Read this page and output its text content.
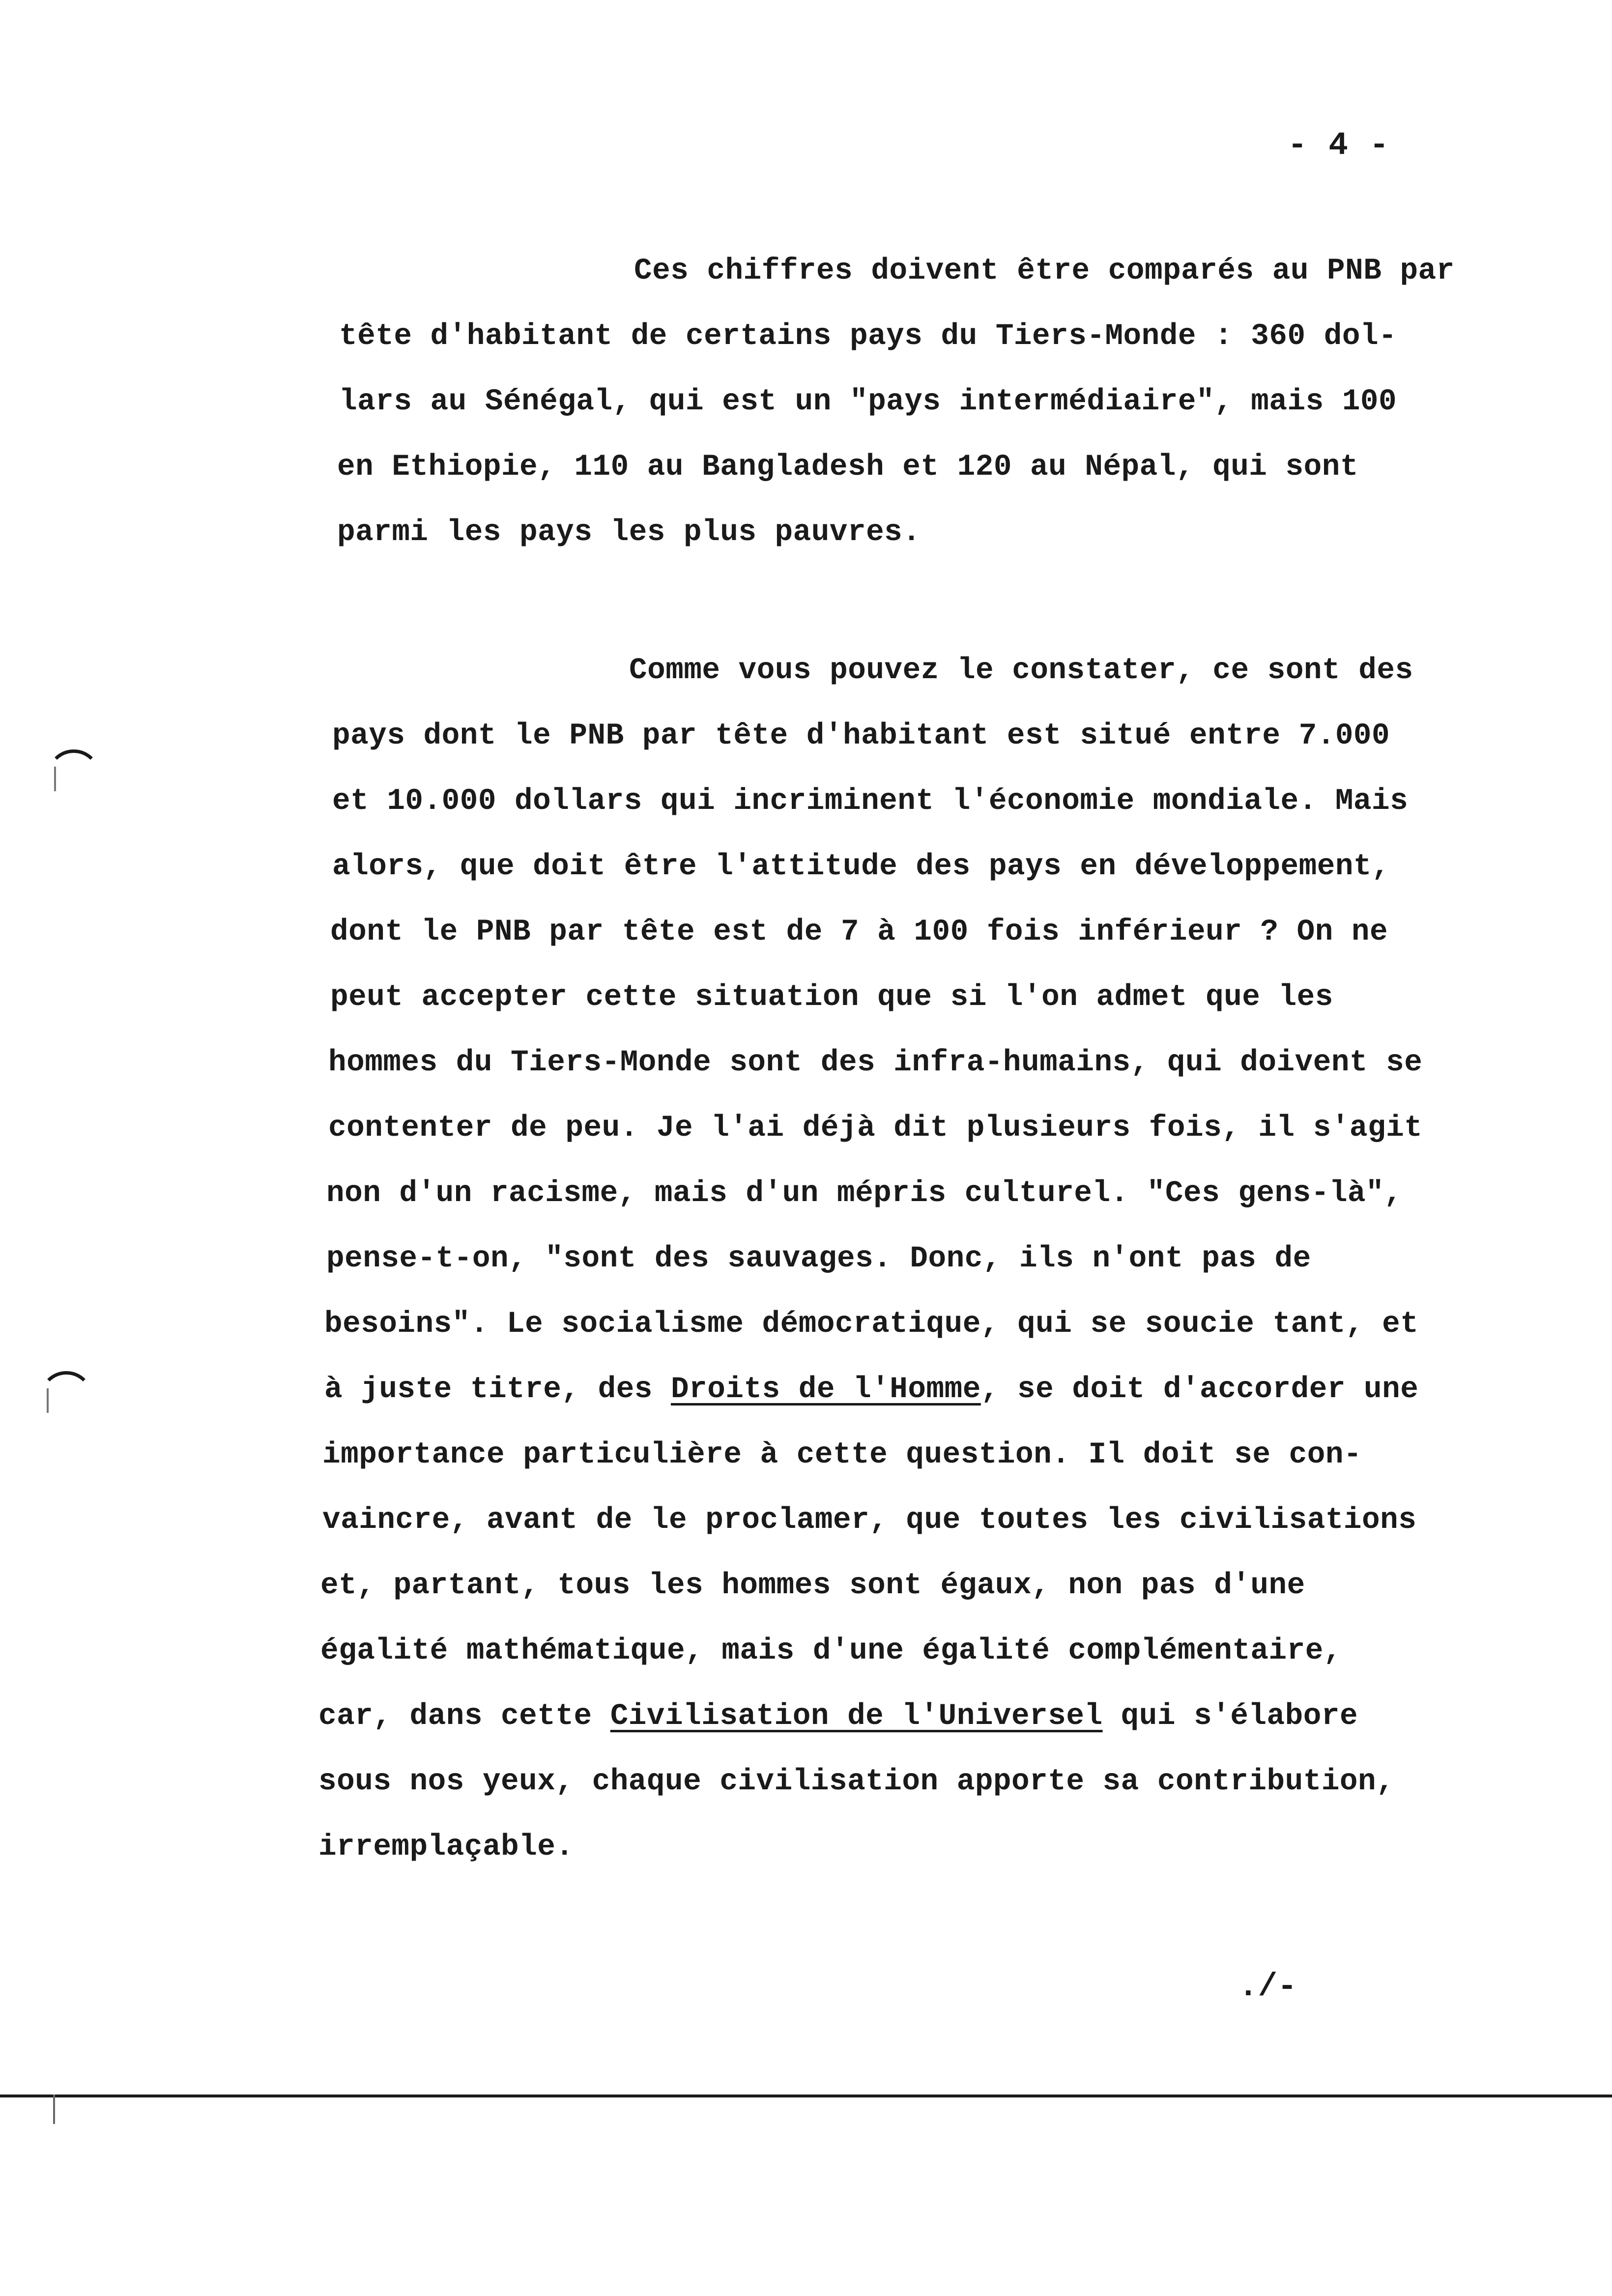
- 4 -
Ces chiffres doivent être comparés au PNB par
tête d'habitant de certains pays du Tiers-Monde : 360 dol-
lars au Sénégal, qui est un "pays intermédiaire", mais 100
en Ethiopie, 110 au Bangladesh et 120 au Népal, qui sont
parmi les pays les plus pauvres.
Comme vous pouvez le constater, ce sont des
pays dont le PNB par tête d'habitant est situé entre 7.000
et 10.000 dollars qui incriminent l'économie mondiale. Mais
alors, que doit être l'attitude des pays en développement,
dont le PNB par tête est de 7 à 100 fois inférieur ? On ne
peut accepter cette situation que si l'on admet que les
hommes du Tiers-Monde sont des infra-humains, qui doivent se
contenter de peu. Je l'ai déjà dit plusieurs fois, il s'agit
non d'un racisme, mais d'un mépris culturel. "Ces gens-là",
pense-t-on, "sont des sauvages. Donc, ils n'ont pas de
besoins". Le socialisme démocratique, qui se soucie tant, et
à juste titre, des Droits de l'Homme, se doit d'accorder une
importance particulière à cette question. Il doit se con-
vaincre, avant de le proclamer, que toutes les civilisations
et, partant, tous les hommes sont égaux, non pas d'une
égalité mathématique, mais d'une égalité complémentaire,
car, dans cette Civilisation de l'Universel qui s'élabore
sous nos yeux, chaque civilisation apporte sa contribution,
irremplaçable.
./-
